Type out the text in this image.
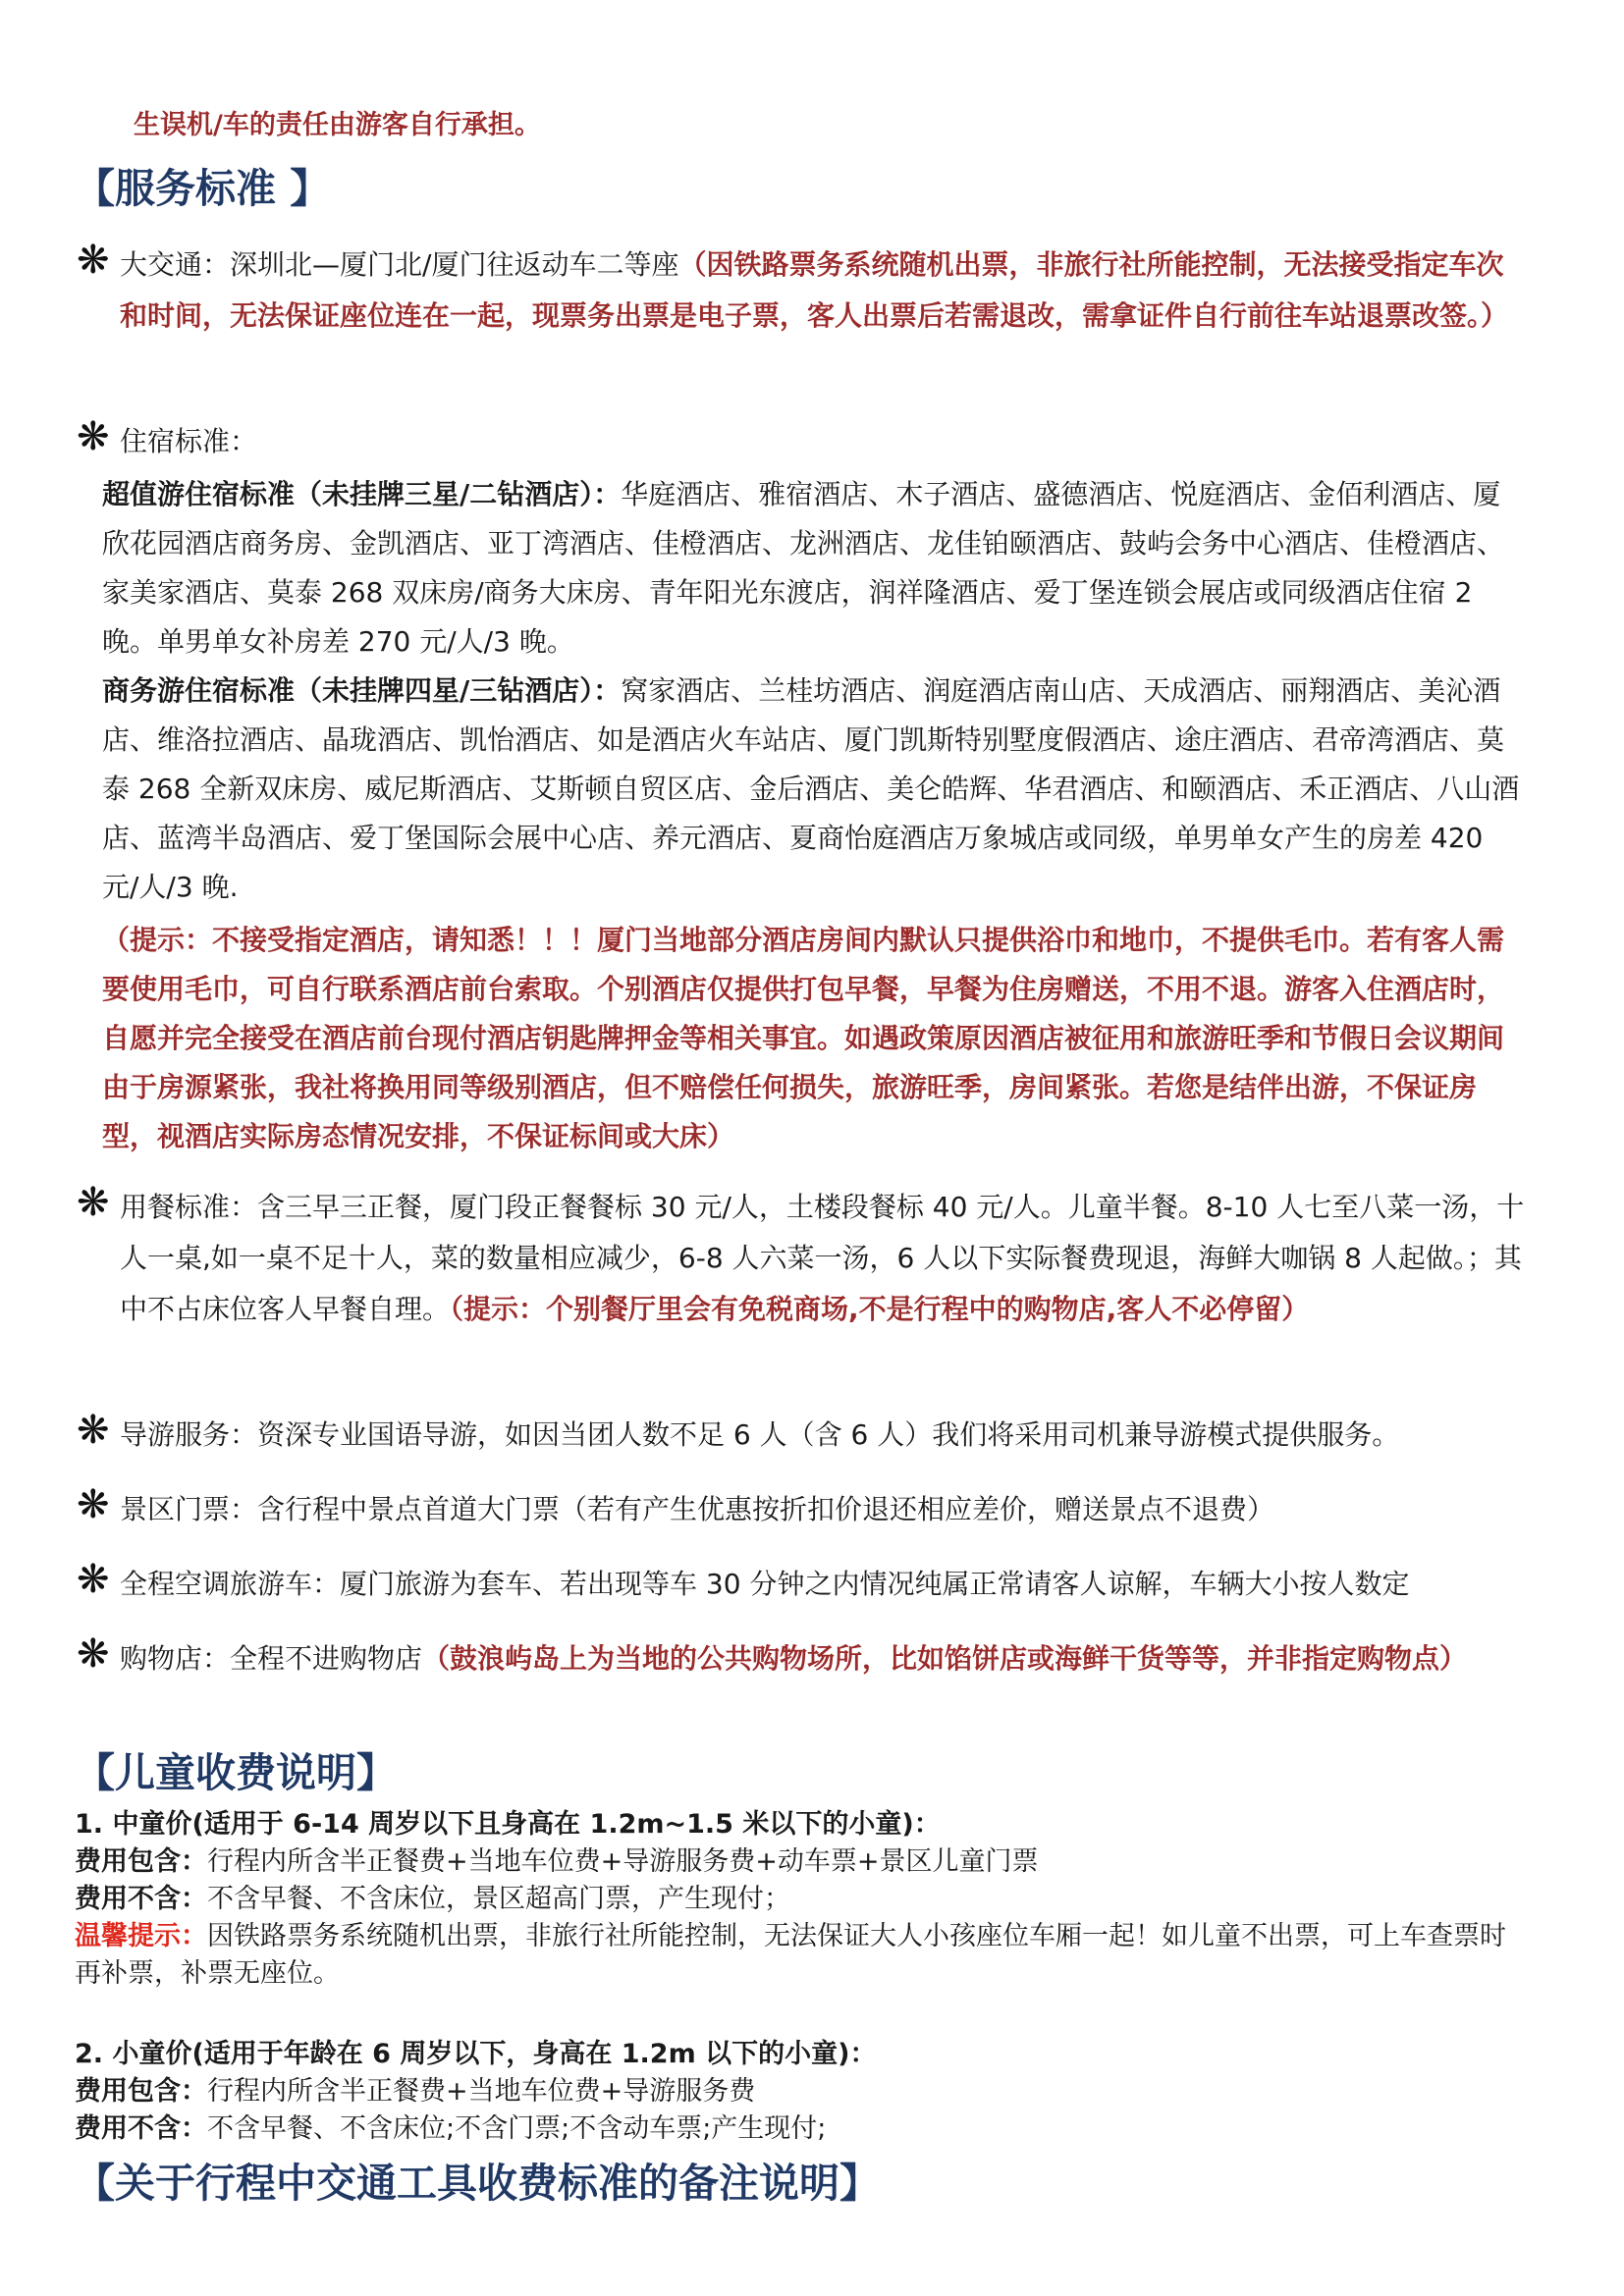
生误机/车的责任由游客自行承担。
【服务标准 】
❋ 大交通：深圳北—厦门北/厦门往返动车二等座（因铁路票务系统随机出票，非旅行社所能控制，无法接受指定车次和时间，无法保证座位连在一起，现票务出票是电子票，客人出票后若需退改，需拿证件自行前往车站退票改签。）
❋ 住宿标准：

超值游住宿标准（未挂牌三星/二钻酒店）：华庭酒店、雅宿酒店、木子酒店、盛德酒店、悦庭酒店、金佰利酒店、厦欣花园酒店商务房、金凯酒店、亚丁湾酒店、佳橙酒店、龙洲酒店、龙佳铂颐酒店、鼓屿会务中心酒店、佳橙酒店、家美家酒店、莫泰 268 双床房/商务大床房、青年阳光东渡店，润祥隆酒店、爱丁堡连锁会展店或同级酒店住宿 2 晚。单男单女补房差 270 元/人/3 晚。

商务游住宿标准（未挂牌四星/三钻酒店）：窝家酒店、兰桂坊酒店、润庭酒店南山店、天成酒店、丽翔酒店、美沁酒店、维洛拉酒店、晶珑酒店、凯怡酒店、如是酒店火车站店、厦门凯斯特别墅度假酒店、途庄酒店、君帝湾酒店、莫泰 268 全新双床房、威尼斯酒店、艾斯顿自贸区店、金后酒店、美仑皓辉、华君酒店、和颐酒店、禾正酒店、八山酒店、蓝湾半岛酒店、爱丁堡国际会展中心店、养元酒店、夏商怡庭酒店万象城店或同级，单男单女产生的房差 420 元/人/3 晚.

（提示：不接受指定酒店，请知悉！！！厦门当地部分酒店房间内默认只提供浴巾和地巾，不提供毛巾。若有客人需要使用毛巾，可自行联系酒店前台索取。个别酒店仅提供打包早餐，早餐为住房赠送，不用不退。游客入住酒店时，自愿并完全接受在酒店前台现付酒店钥匙牌押金等相关事宜。如遇政策原因酒店被征用和旅游旺季和节假日会议期间由于房源紧张，我社将换用同等级别酒店，但不赔偿任何损失，旅游旺季，房间紧张。若您是结伴出游，不保证房型，视酒店实际房态情况安排，不保证标间或大床）

❋ 用餐标准：含三早三正餐，厦门段正餐餐标 30 元/人，土楼段餐标 40 元/人。儿童半餐。8-10 人七至八菜一汤，十人一桌,如一桌不足十人，菜的数量相应减少，6-8 人六菜一汤，6 人以下实际餐费现退，海鲜大咖锅 8 人起做。；其中不占床位客人早餐自理。（提示：个别餐厅里会有免税商场,不是行程中的购物店,客人不必停留）
❋ 导游服务：资深专业国语导游，如因当团人数不足 6 人（含 6 人）我们将采用司机兼导游模式提供服务。
❋ 景区门票：含行程中景点首道大门票（若有产生优惠按折扣价退还相应差价，赠送景点不退费）
❋ 全程空调旅游车：厦门旅游为套车、若出现等车 30 分钟之内情况纯属正常请客人谅解，车辆大小按人数定
❋ 购物店：全程不进购物店（鼓浪屿岛上为当地的公共购物场所，比如馅饼店或海鲜干货等等，并非指定购物点）
【儿童收费说明】

1. 中童价(适用于 6-14 周岁以下且身高在 1.2m~1.5 米以下的小童)：

费用包含：行程内所含半正餐费+当地车位费+导游服务费+动车票+景区儿童门票

费用不含：不含早餐、不含床位，景区超高门票，产生现付；

温馨提示：因铁路票务系统随机出票，非旅行社所能控制，无法保证大人小孩座位车厢一起！如儿童不出票，可上车查票时再补票，补票无座位。

2. 小童价(适用于年龄在 6 周岁以下，身高在 1.2m 以下的小童)：

费用包含：行程内所含半正餐费+当地车位费+导游服务费

费用不含：不含早餐、不含床位;不含门票;不含动车票;产生现付;

【关于行程中交通工具收费标准的备注说明】
